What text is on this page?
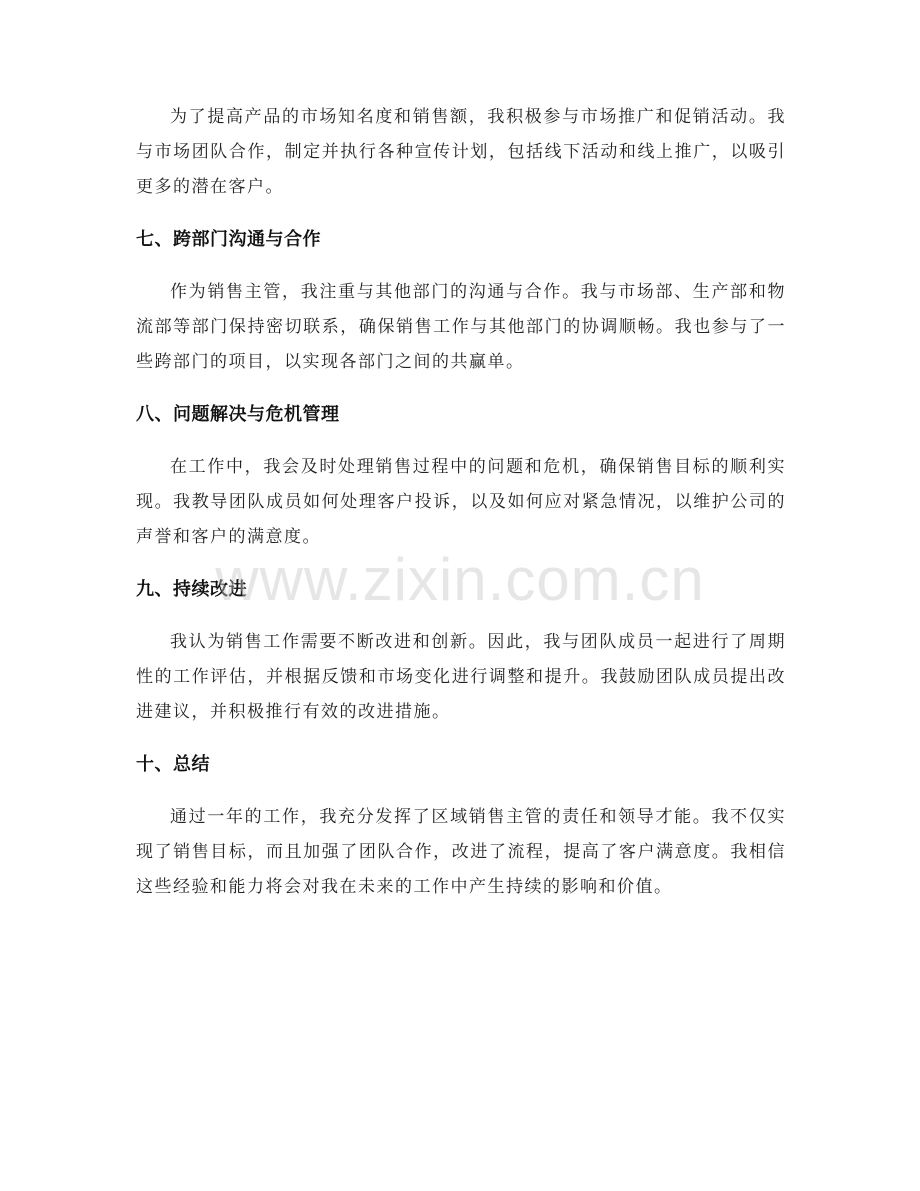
为了提高产品的市场知名度和销售额，我积极参与市场推广和促销活动。我与市场团队合作，制定并执行各种宣传计划，包括线下活动和线上推广，以吸引更多的潜在客户。

七、跨部门沟通与合作

作为销售主管，我注重与其他部门的沟通与合作。我与市场部、生产部和物流部等部门保持密切联系，确保销售工作与其他部门的协调顺畅。我也参与了一些跨部门的项目，以实现各部门之间的共赢单。

八、问题解决与危机管理

在工作中，我会及时处理销售过程中的问题和危机，确保销售目标的顺利实现。我教导团队成员如何处理客户投诉，以及如何应对紧急情况，以维护公司的声誉和客户的满意度。

九、持续改进

我认为销售工作需要不断改进和创新。因此，我与团队成员一起进行了周期性的工作评估，并根据反馈和市场变化进行调整和提升。我鼓励团队成员提出改进建议，并积极推行有效的改进措施。

十、总结

通过一年的工作，我充分发挥了区域销售主管的责任和领导才能。我不仅实现了销售目标，而且加强了团队合作，改进了流程，提高了客户满意度。我相信这些经验和能力将会对我在未来的工作中产生持续的影响和价值。

www.zixin.com.cn
